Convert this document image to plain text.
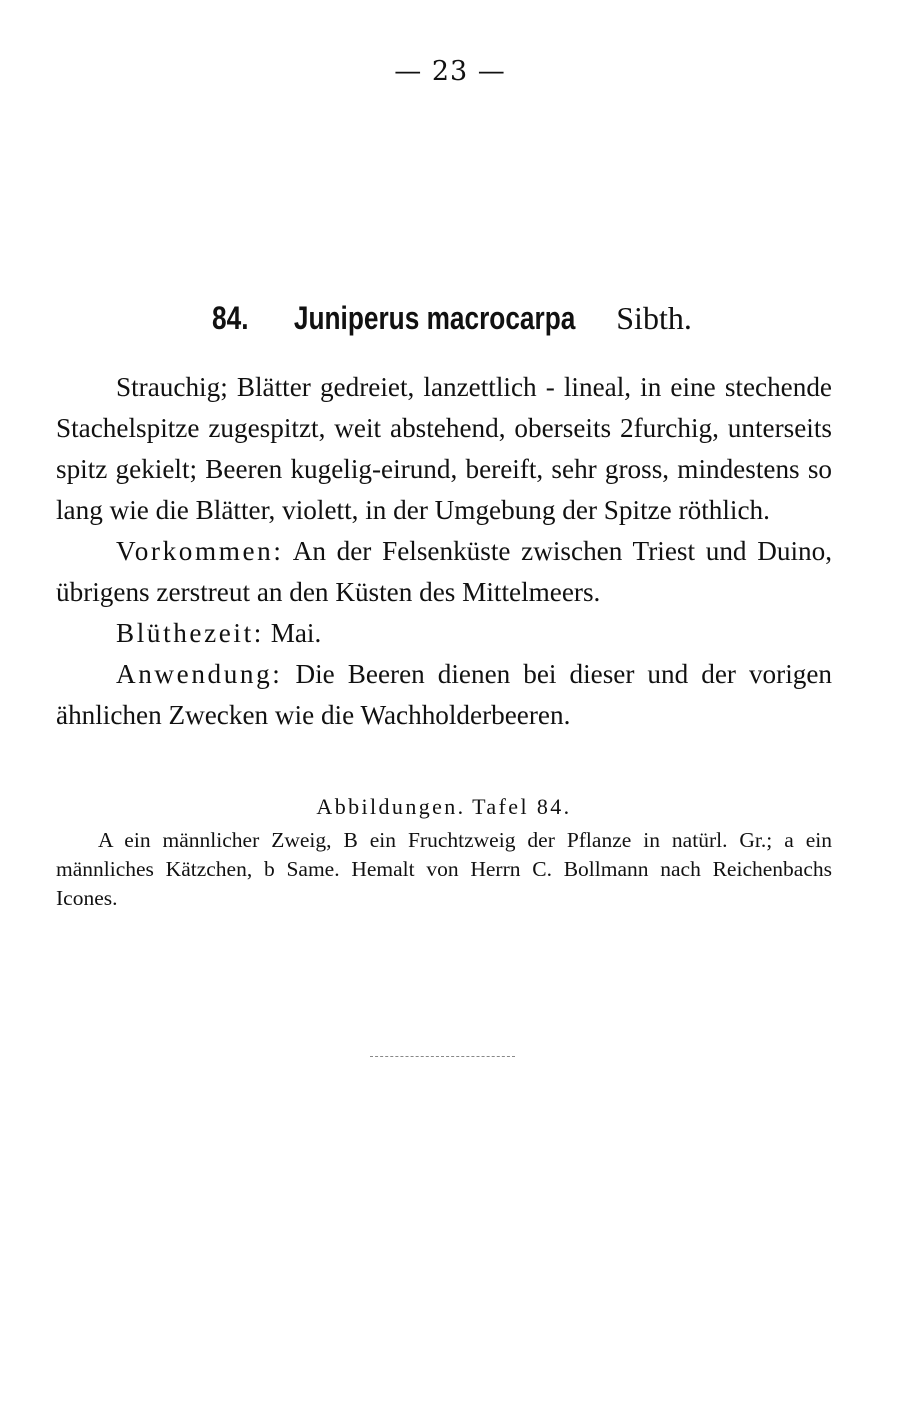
— 23 —
84. Juniperus macrocarpa Sibth.

Strauchig; Blätter gedreiet, lanzettlich - lineal, in eine stechende Stachelspitze zugespitzt, weit abstehend, oberseits 2furchig, unterseits spitz gekielt; Beeren kugelig-eirund, bereift, sehr gross, mindestens so lang wie die Blätter, violett, in der Umgebung der Spitze röthlich.

Vorkommen: An der Felsenküste zwischen Triest und Duino, übrigens zerstreut an den Küsten des Mittelmeers.

Blüthezeit: Mai.

Anwendung: Die Beeren dienen bei dieser und der vorigen ähnlichen Zwecken wie die Wachholderbeeren.

Abbildungen. Tafel 84.

A ein männlicher Zweig, B ein Fruchtzweig der Pflanze in natürl. Gr.; a ein männliches Kätzchen, b Same. Hemalt von Herrn C. Bollmann nach Reichenbachs Icones.
